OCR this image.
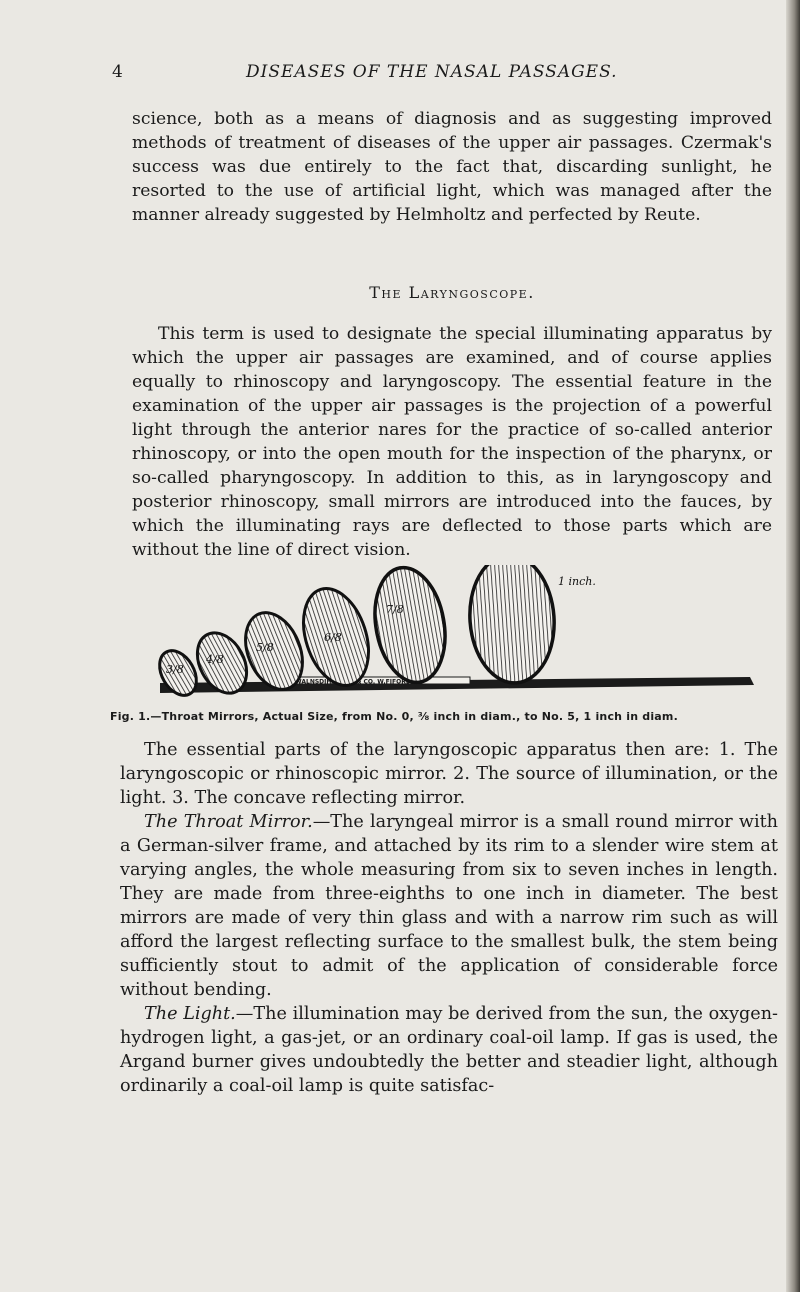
4	DISEASES OF THE NASAL PASSAGES.

science, both as a means of diagnosis and as suggesting improved methods of treatment of diseases of the upper air passages. Czermak's success was due entirely to the fact that, discarding sunlight, he resorted to the use of artificial light, which was managed after the manner already suggested by Helmholtz and perfected by Reute.

The Laryngoscope.

This term is used to designate the special illuminating apparatus by which the upper air passages are examined, and of course applies equally to rhinoscopy and laryngoscopy. The essential feature in the examination of the upper air passages is the projection of a powerful light through the anterior nares for the practice of so-called anterior rhinoscopy, or into the open mouth for the inspection of the pharynx, or so-called pharyngoscopy. In addition to this, as in laryngoscopy and posterior rhinoscopy, small mirrors are introduced into the fauces, by which the illuminating rays are deflected to those parts which are without the line of direct vision.

WALNSDIHALRAD CO. W.FIFORD.
3/8
4/8
5/8
6/8
7/8
1 inch.
Fig. 1.—Throat Mirrors, Actual Size, from No. 0, ⅜ inch in diam., to No. 5, 1 inch in diam.
The essential parts of the laryngoscopic apparatus then are: 1. The laryngoscopic or rhinoscopic mirror. 2. The source of illumination, or the light. 3. The concave reflecting mirror.
The Throat Mirror.—The laryngeal mirror is a small round mirror with a German-silver frame, and attached by its rim to a slender wire stem at varying angles, the whole measuring from six to seven inches in length. They are made from three-eighths to one inch in diameter. The best mirrors are made of very thin glass and with a narrow rim such as will afford the largest reflecting surface to the smallest bulk, the stem being sufficiently stout to admit of the application of considerable force without bending.
The Light.—The illumination may be derived from the sun, the oxygen-hydrogen light, a gas-jet, or an ordinary coal-oil lamp. If gas is used, the Argand burner gives undoubtedly the better and steadier light, although ordinarily a coal-oil lamp is quite satisfac-
